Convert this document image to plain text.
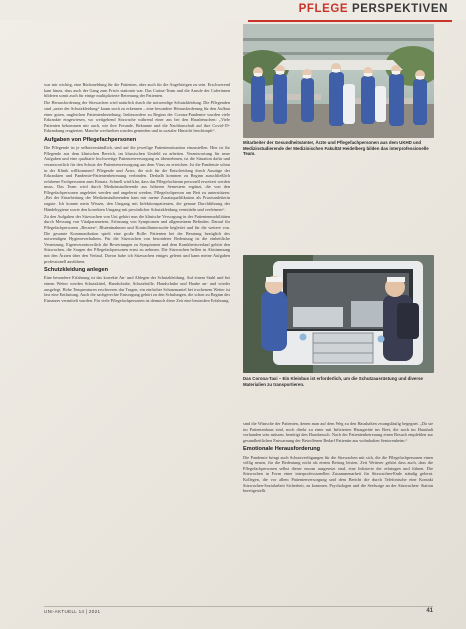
PFLEGE PERSPEKTIVEN

war mir wichtig, eine Rückmeldung für die Patienten, aber auch für die Angehörigen zu sein. Erschwerend kam hinzu, dass auch der Gang zum Frisör stationär war. Das Carina-Team und die Anrufe der Caferinnen bildeten somit auch für einige multiplizierte Betreuung der Patienten.

Die Herausforderung der Sitzwachen wird natürlich durch die notwendige Schutzkleidung. Die Pflegenden sind „unter der Schutzkleidung“ kaum noch zu erkennen – eine besondere Herausforderung für den Aufbau einer guten, ungleichen Patientenbeziehung. Insbesondere zu Beginn der Corona-Pandemie wurden viele Erkrankte eingewiesen, wo weitgehend Sitzwache während einer aus bei den Hausbesuchen: „Viele Patienten bekommen mir auch, wie ihre Freunde, Bekannte und die Nachbarschaft auf ihre Covid-19-Erkrankung reagierten. Manche wechselten wurden gemieden und in sozialer Hinsicht beschimpft“.

Aufgaben von Pflegefachpersonen

Die Pflegende ist je selbstverständlich, sind auf die jeweilige Patientensituation einzustellen. Hier ist für Pflegende aus dem klinischen Bereich, im klassischen Umfeld zu arbeiten. Verantwortung für neue Aufgaben und eine qualitativ hochwertige Patientenversorgung zu übernehmen, ist die Situation dafür und verantwortlich für den Schutz der Patientenversorgung aus dem Virus zu erreichen. Ist die Pandemie schon in der Klinik willkommen? Pflegende und Ärzte, die sich für die Entscheidung durch Auszüge der Erkrankten und Pandemie-Patientenbetreuung verbinden. Deshalb kommen zu Beginn ausschließlich erfahrene Fachpersonen zum Einsatz. Schnell wird klar, dass das Pflegefachteam personell erweitert werden muss. Das Team wird durch Medizinstudierende aus höheren Semestern ergänzt, die von den Pflegefachpersonen angeleitet werden und angelernt werden, Pflegefachperson am Bett zu unterstützen: „Bei der Einarbeitung der Medizinstudierenden kam mir meine Zusatzqualifikation als Praxisanleiterin zugute. Ich konnte mein Wissen, den Umgang mit Infektionspatienten, die genaue Durchführung der Händehygiene sowie den korrekten Umgang mit persönlicher Schutzkleidung vermitteln und verfeinern“.

Zu den Aufgaben der Sitzwachen von Uni gehört nun die klinische Versorgung in der Patientenmobilitäten durch Messung von Vitalparametern, Erfassung von Symptomen und allgemeinem Befinden. Darauf für Pflegefachpersonen „Beraten“, Blutentnahmen und Kontrolluntersuche begleitet und für die weitere von. Die gesamte Kommunikation spielt eine große Rolle: Patienten bei der Beratung bezüglich des notwendigen Hygieneverhaltens. Für die Sitzwachen von besonderer Bedeutung ist die einheitliche Vernetzung. Eigenverantwortlich die Bewertungen zu Symptomen und dem Krankheitsverlauf gehört den Sitzwachen, die Sorgen der Pflegefachpersonen ernst zu nehmen. Die Sitzwachen helfen in Abstimmung mit den Ärzten über den Verlauf. Davon habe ich Sitzwachen einiges gelernt und kann meine Aufgaben professionell ausführen.

Schutzkleidung anlegen

Eine besondere Erfahrung ist das korrekte An- und Ablegen der Schutzkleidung. Auf einem Stuhl und bei einem Wetter werden Schutzkittel, Handschuhe, Schutzbrille, Handschuhe und Haube an- und wieder ausgelegt. Hohe Temperaturen erschweren das Tragen, ein einfacher Schutzmantel bei trockenem Wetter ist fast eine Entlastung. Auch die sachgerechte Entsorgung gehört zu den Schulungen, die schon zu Beginn des Einsatzes vermittelt wurden. Für viele Pflegefachpersonen ist dennoch diese Zeit eine besondere Erfahrung.

Mitarbeiter der Gesundheitsämter, Ärzte und Pflegefachpersonen aus dem UKHD und Medizinstudierende der Medizinischen Fakultät Heidelberg bilden das interprofessionelle Team.
Das Corona-Taxi – Ein Kleinbus ist erforderlich, um die Schutzausrüstung und diverse Materialien zu transportieren.

sind die Wünsche der Patienten, denen man auf dem Weg zu den Haushalten zwangsläufig begegnet. „Da sie im Patientenhaus sind, noch direkt zu einer mit Infizierten Hausgeräte ins Beet, die noch im Haushalt vorhanden sein müssen, benötigt den Hausbesuch. Nach der Patientenbetreuung einen Besuch empfehlen zur gesundheitlichen Entwarnung der Betroffenen Bedarf Patientin aus wohnhaften Seniorenheim.“

Emotionale Herausforderung

Die Pandemie bringt auch Schutzverfügungen für die Sitzwachen mit sich, die die Pflegefachpersonen einen völlig neuen, für die Bedeutung nicht als einem Beitrag leisten. Zeit Weiterer gehört dass auch, dass die Pflegefachpersonen selbst dieser enorm ausgesetzt sind, eine Infizierte der erbringen und führen. Die Sitzwachen in Form einer interprofessionellen Zusammenarbeit für Sitzwachen-Ende ständig gelernt. Kollegen, die vor allem Patientenversorgung und dem Bericht die durch Telefonische eine Kontakt Sitzwachen-Sozialarbeit Sicherheit, zu kommen. Psychologen und die Seelsorge an der Sitzwachen- Station bereitgestellt.

UNI-AKTUELL 14 | 2021	41
